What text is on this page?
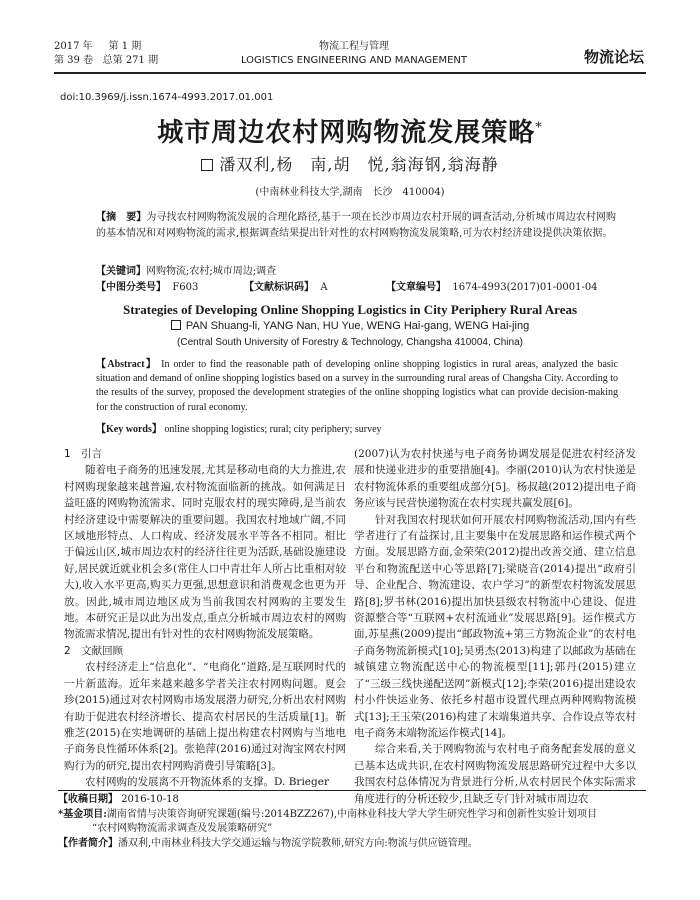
2017 年 第 1 期
第 39 卷 总第 271 期
物流工程与管理
LOGISTICS ENGINEERING AND MANAGEMENT	物流论坛
doi:10.3969/j.issn.1674-4993.2017.01.001
城市周边农村网购物流发展策略*
潘双利,杨　南,胡　悦,翁海钢,翁海静
(中南林业科技大学,湖南　长沙　410004)
【摘　要】为寻找农村网购物流发展的合理化路径,基于一项在长沙市周边农村开展的调查活动,分析城市周边农村网购的基本情况和对网购物流的需求,根据调查结果提出针对性的农村网购物流发展策略,可为农村经济建设提供决策依据。
【关键词】网购物流;农村;城市周边;调查
【中图分类号】 F603	【文献标识码】 A	【文章编号】 1674-4993(2017)01-0001-04
Strategies of Developing Online Shopping Logistics in City Periphery Rural Areas
PAN Shuang-li, YANG Nan, HU Yue, WENG Hai-gang, WENG Hai-jing
(Central South University of Forestry & Technology, Changsha 410004, China)
【Abstract】 In order to find the reasonable path of developing online shopping logistics in rural areas, analyzed the basic situation and demand of online shopping logistics based on a survey in the surrounding rural areas of Changsha City. According to the results of the survey, proposed the development strategies of the online shopping logistics what can provide decision-making for the construction of rural economy.
【Key words】 online shopping logistics; rural; city periphery; survey
1　引言

随着电子商务的迅速发展,尤其是移动电商的大力推进,农村网购现象越来越普遍,农村物流面临新的挑战。如何满足日益旺盛的网购物流需求、同时克服农村的现实障碍,是当前农村经济建设中需要解决的重要问题。我国农村地域广阔,不同区域地形特点、人口构成、经济发展水平等各不相同。相比于偏远山区,城市周边农村的经济往往更为活跃,基础设施建设好,居民就近就业机会多(常住人口中青壮年人所占比重相对较大),收入水平更高,购买力更强,思想意识和消费观念也更为开放。因此,城市周边地区成为当前我国农村网购的主要发生地。本研究正是以此为出发点,重点分析城市周边农村的网购物流需求情况,提出有针对性的农村网购物流发展策略。

2　文献回顾

农村经济走上“信息化”、“电商化”道路,是互联网时代的一片新蓝海。近年来越来越多学者关注农村网购问题。夏会珍(2015)通过对农村网购市场发展潜力研究,分析出农村网购有助于促进农村经济增长、提高农村居民的生活质量[1]。靳雅芝(2015)在实地调研的基础上提出构建农村网购与当地电子商务良性循环体系[2]。张艳萍(2016)通过对淘宝网农村网购行为的研究,提出农村网购消费引导策略[3]。

农村网购的发展离不开物流体系的支撑。D. Brieger

(2007)认为农村快递与电子商务协调发展是促进农村经济发展和快递业进步的重要措施[4]。李丽(2010)认为农村快递是农村物流体系的重要组成部分[5]。杨叔越(2012)提出电子商务应该与民营快递物流在农村实现共赢发展[6]。

针对我国农村现状如何开展农村网购物流活动,国内有些学者进行了有益探讨,且主要集中在发展思路和运作模式两个方面。发展思路方面,金荣荣(2012)提出改善交通、建立信息平台和物流配送中心等思路[7];梁晓音(2014)提出“政府引导、企业配合、物流建设、农户学习”的新型农村物流发展思路[8];罗书林(2016)提出加快县级农村物流中心建设、促进资源整合等“互联网+农村流通业”发展思路[9]。运作模式方面,苏星燕(2009)提出“邮政物流+第三方物流企业”的农村电子商务物流新模式[10];吴勇杰(2013)构建了以邮政为基础在城镇建立物流配送中心的物流模型[11];郭丹(2015)建立了“三级三线快递配送网”新模式[12];李荣(2016)提出建设农村小件快运业务、依托乡村超市设置代理点两种网购物流模式[13];王玉荣(2016)构建了末端集道共享、合作设点等农村电子商务末端物流运作模式[14]。

综合来看,关于网购物流与农村电子商务配套发展的意义已基本达成共识,在农村网购物流发展思路研究过程中大多以我国农村总体情况为背景进行分析,从农村居民个体实际需求角度进行的分析还较少,且缺乏专门针对城市周边农

【收稿日期】 2016-10-18
*基金项目:湖南省情与决策咨询研究课题(编号:2014BZZ267),中南林业科技大学大学生研究性学习和创新性实验计划项目
“农村网购物流需求调查及发展策略研究”
【作者简介】潘双利,中南林业科技大学交通运输与物流学院教师,研究方向:物流与供应链管理。
